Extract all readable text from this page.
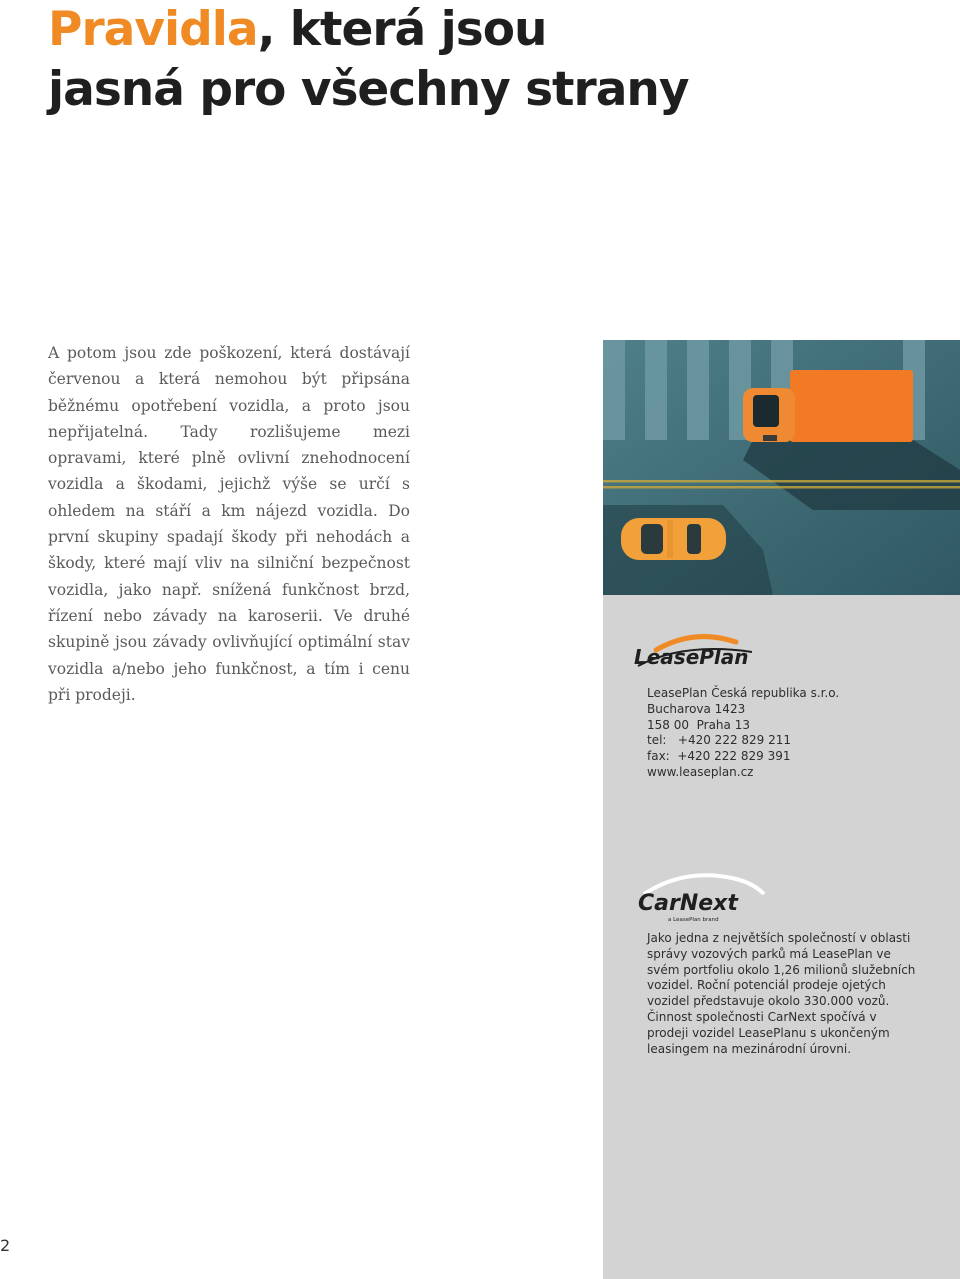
Pravidla, která jsou
jasná pro všechny strany

A potom jsou zde poškození, která dostávají červenou a která nemohou být připsána běžnému opotřebení vozidla, a proto jsou nepřijatelná. Tady rozlišujeme mezi opravami, které plně ovlivní znehodnocení vozidla a škodami, jejichž výše se určí s ohledem na stáří a km nájezd vozidla. Do první skupiny spadají škody při nehodách a škody, které mají vliv na silniční bezpečnost vozidla, jako např. snížená funkčnost brzd, řízení nebo závady na karoserii. Ve druhé skupině jsou závady ovlivňující optimální stav vozidla a/nebo jeho funkčnost, a tím i cenu při prodeji.

LeasePlan
LeasePlan Česká republika s.r.o.
Bucharova 1423
158 00  Praha 13
tel:   +420 222 829 211
fax:  +420 222 829 391
www.leaseplan.cz
CarNext
a LeasePlan brand

Jako jedna z největších společností v oblasti správy vozových parků má LeasePlan ve svém portfoliu okolo 1,26 milionů služebních vozidel. Roční potenciál prodeje ojetých vozidel představuje okolo 330.000 vozů. Činnost společnosti CarNext spočívá v prodeji vozidel LeasePlanu s ukončeným leasingem na mezinárodní úrovni.

2
